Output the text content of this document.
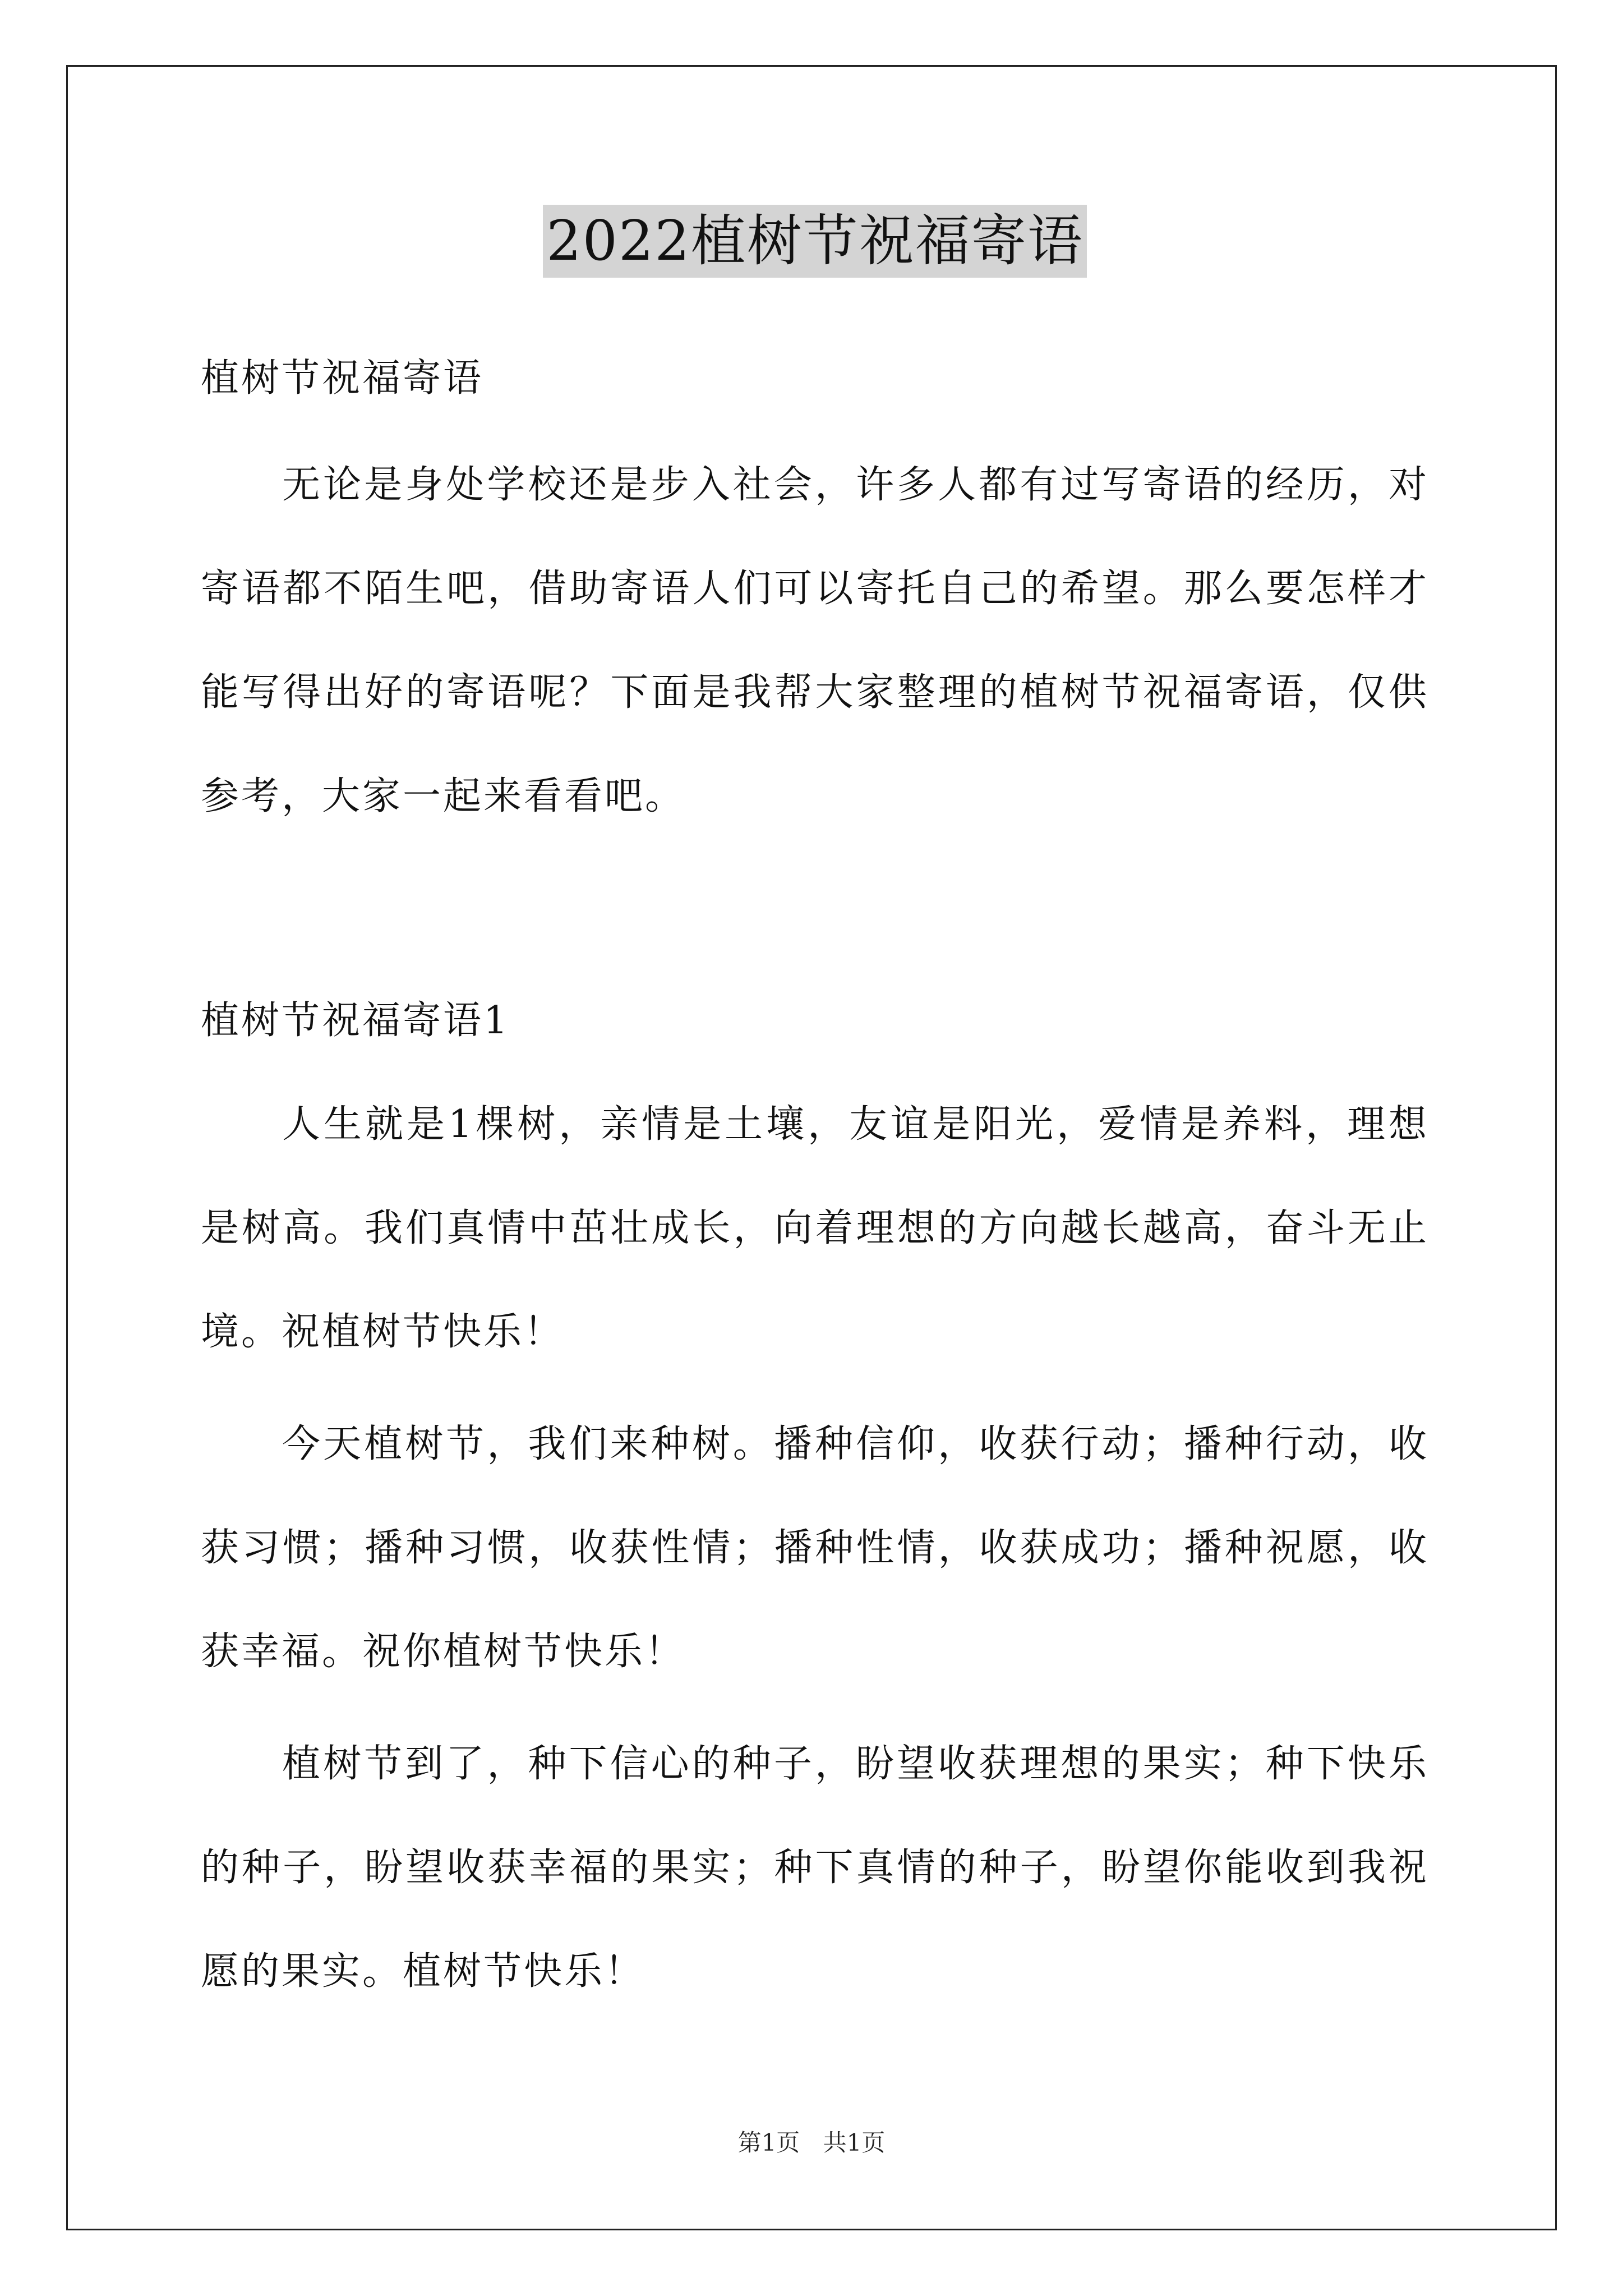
2022植树节祝福寄语
植树节祝福寄语
无论是身处学校还是步入社会，许多人都有过写寄语的经历，对
寄语都不陌生吧，借助寄语人们可以寄托自己的希望。那么要怎样才
能写得出好的寄语呢？下面是我帮大家整理的植树节祝福寄语，仅供
参考，大家一起来看看吧。
植树节祝福寄语1
人生就是1棵树，亲情是土壤，友谊是阳光，爱情是养料，理想
是树高。我们真情中茁壮成长，向着理想的方向越长越高，奋斗无止
境。祝植树节快乐！
今天植树节，我们来种树。播种信仰，收获行动；播种行动，收
获习惯；播种习惯，收获性情；播种性情，收获成功；播种祝愿，收
获幸福。祝你植树节快乐！
植树节到了，种下信心的种子，盼望收获理想的果实；种下快乐
的种子，盼望收获幸福的果实；种下真情的种子，盼望你能收到我祝
愿的果实。植树节快乐！
第1页 共1页
